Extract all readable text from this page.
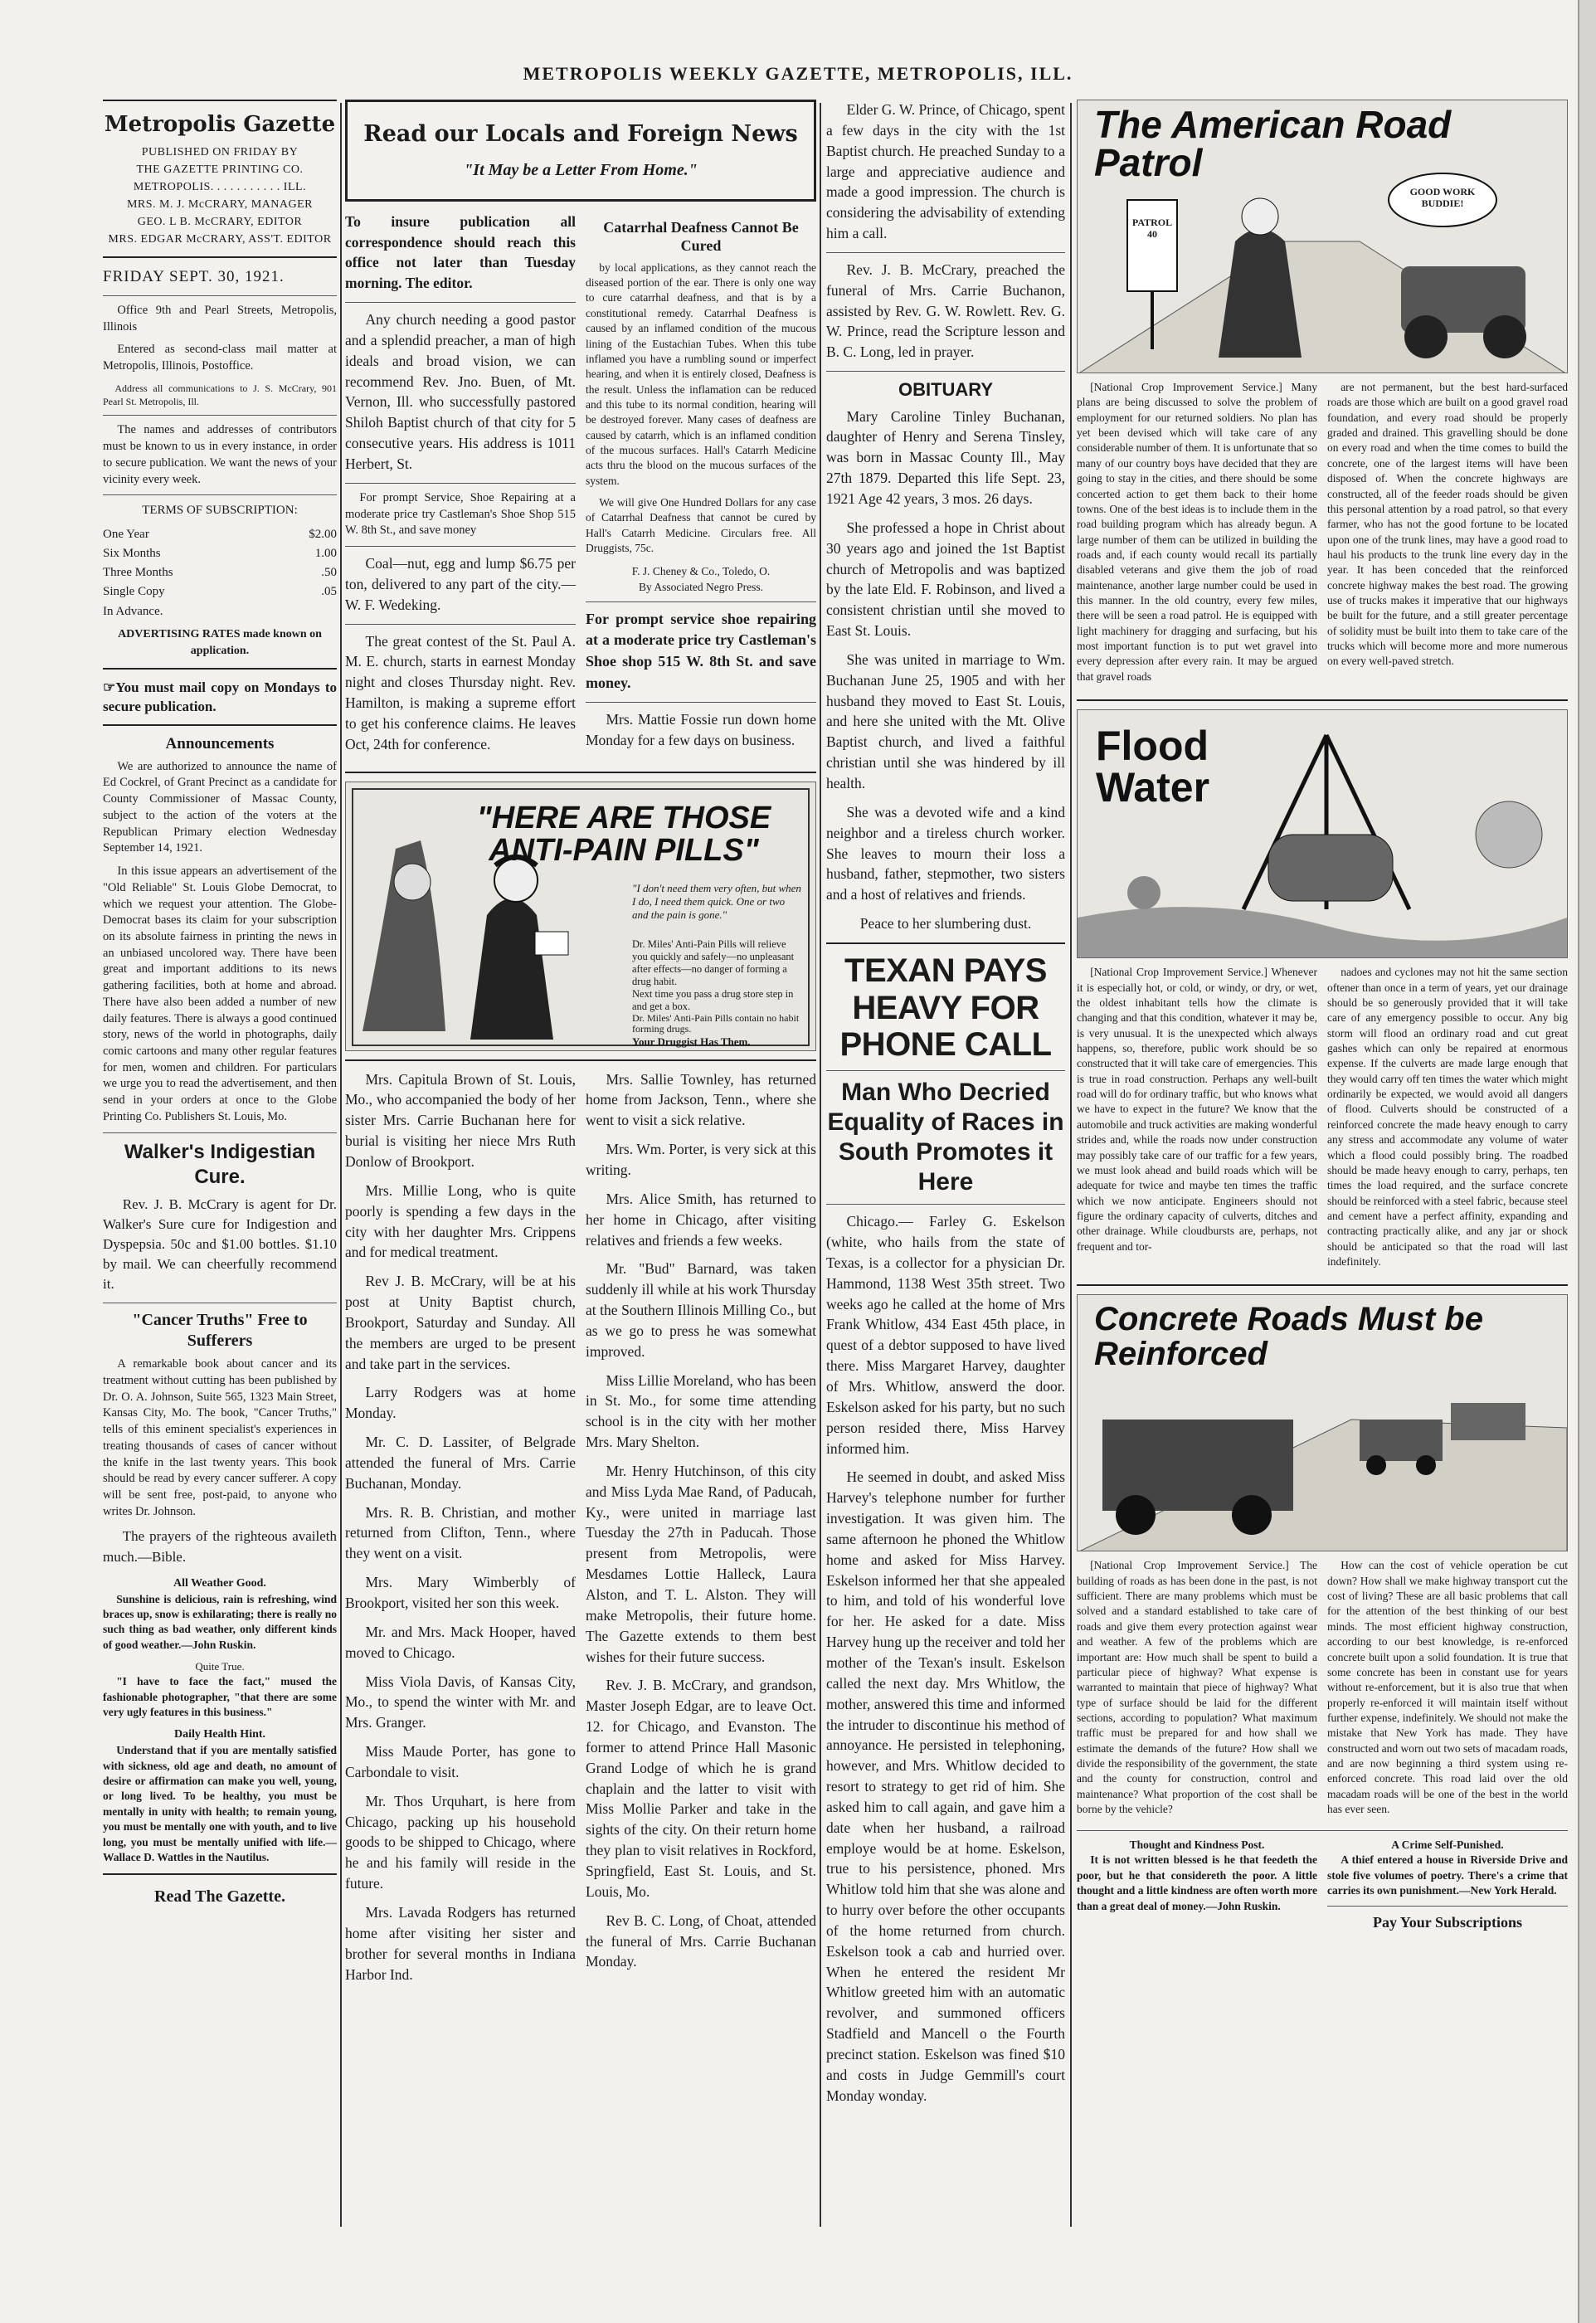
METROPOLIS WEEKLY GAZETTE, METROPOLIS, ILL.
Metropolis Gazette
PUBLISHED ON FRIDAY BY
THE GAZETTE PRINTING CO.
METROPOLIS. . . . . . . . . . . ILL.
MRS. M. J. McCRARY, MANAGER
GEO. L B. McCRARY, EDITOR
MRS. EDGAR McCRARY, ASS'T. EDITOR
FRIDAY SEPT. 30, 1921.
Office 9th and Pearl Streets, Metropolis, Illinois
Entered as second-class mail matter at Metropolis, Illinois, Postoffice.
Address all communications to J. S. McCrary, 901 Pearl St. Metropolis, Ill.
The names and addresses of contributors must be known to us in every instance, in order to secure publication. We want the news of your vicinity every week.
TERMS OF SUBSCRIPTION:
One Year	$2.00
Six Months	1.00
Three Months	.50
Single Copy	.05
In Advance.	
ADVERTISING RATES made known on application.
☞You must mail copy on Mondays to secure publication.
Announcements
We are authorized to announce the name of Ed Cockrel, of Grant Precinct as a candidate for County Commissioner of Massac County, subject to the action of the voters at the Republican Primary election Wednesday September 14, 1921.
In this issue appears an advertisement of the "Old Reliable" St. Louis Globe Democrat, to which we request your attention. The Globe-Democrat bases its claim for your subscription on its absolute fairness in printing the news in an unbiased uncolored way. There have been great and important additions to its news gathering facilities, both at home and abroad. There have also been added a number of new daily features. There is always a good continued story, news of the world in photographs, daily comic cartoons and many other regular features for men, women and children. For particulars we urge you to read the advertisement, and then send in your orders at once to the Globe Printing Co. Publishers St. Louis, Mo.
Walker's Indigestian Cure.
Rev. J. B. McCrary is agent for Dr. Walker's Sure cure for Indigestion and Dyspepsia. 50c and $1.00 bottles. $1.10 by mail. We can cheerfully recommend it.
"Cancer Truths" Free to Sufferers
A remarkable book about cancer and its treatment without cutting has been published by Dr. O. A. Johnson, Suite 565, 1323 Main Street, Kansas City, Mo. The book, "Cancer Truths," tells of this eminent specialist's experiences in treating thousands of cases of cancer without the knife in the last twenty years. This book should be read by every cancer sufferer. A copy will be sent free, post-paid, to anyone who writes Dr. Johnson.
The prayers of the righteous availeth much.—Bible.
All Weather Good.
Sunshine is delicious, rain is refreshing, wind braces up, snow is exhilarating; there is really no such thing as bad weather, only different kinds of good weather.—John Ruskin.
Quite True.
"I have to face the fact," mused the fashionable photographer, "that there are some very ugly features in this business."
Daily Health Hint.
Understand that if you are mentally satisfied with sickness, old age and death, no amount of desire or affirmation can make you well, young, or long lived. To be healthy, you must be mentally in unity with health; to remain young, you must be mentally one with youth, and to live long, you must be mentally unified with life.—Wallace D. Wattles in the Nautilus.
Read The Gazette.
Read our Locals and Foreign News
"It May be a Letter From Home."
To insure publication all correspondence should reach this office not later than Tuesday morning. The editor.
Any church needing a good pastor and a splendid preacher, a man of high ideals and broad vision, we can recommend Rev. Jno. Buen, of Mt. Vernon, Ill. who successfully pastored Shiloh Baptist church of that city for 5 consecutive years. His address is 1011 Herbert, St.
For prompt Service, Shoe Repairing at a moderate price try Castleman's Shoe Shop 515 W. 8th St., and save money
Coal—nut, egg and lump $6.75 per ton, delivered to any part of the city.—W. F. Wedeking.
The great contest of the St. Paul A. M. E. church, starts in earnest Monday night and closes Thursday night. Rev. Hamilton, is making a supreme effort to get his conference claims. He leaves Oct, 24th for conference.
Catarrhal Deafness Cannot Be Cured
by local applications, as they cannot reach the diseased portion of the ear. There is only one way to cure catarrhal deafness, and that is by a constitutional remedy. Catarrhal Deafness is caused by an inflamed condition of the mucous lining of the Eustachian Tubes. When this tube inflamed you have a rumbling sound or imperfect hearing, and when it is entirely closed, Deafness is the result. Unless the inflamation can be reduced and this tube to its normal condition, hearing will be destroyed forever. Many cases of deafness are caused by catarrh, which is an inflamed condition of the mucous surfaces. Hall's Catarrh Medicine acts thru the blood on the mucous surfaces of the system.
We will give One Hundred Dollars for any case of Catarrhal Deafness that cannot be cured by Hall's Catarrh Medicine. Circulars free. All Druggists, 75c.
F. J. Cheney & Co., Toledo, O.
By Associated Negro Press.
For prompt service shoe repairing at a moderate price try Castleman's Shoe shop 515 W. 8th St. and save money.
Mrs. Mattie Fossie run down home Monday for a few days on business.
"HERE ARE THOSE ANTI-PAIN PILLS"
"I don't need them very often, but when I do, I need them quick. One or two and the pain is gone."
Dr. Miles' Anti-Pain Pills will relieve you quickly and safely—no unpleasant after effects—no danger of forming a drug habit.
Next time you pass a drug store step in and get a box.
Dr. Miles' Anti-Pain Pills contain no habit forming drugs.
Your Druggist Has Them.
Mrs. Capitula Brown of St. Louis, Mo., who accompanied the body of her sister Mrs. Carrie Buchanan here for burial is visiting her niece Mrs Ruth Donlow of Brookport.
Mrs. Millie Long, who is quite poorly is spending a few days in the city with her daughter Mrs. Crippens and for medical treatment.
Rev J. B. McCrary, will be at his post at Unity Baptist church, Brookport, Saturday and Sunday. All the members are urged to be present and take part in the services.
Larry Rodgers was at home Monday.
Mr. C. D. Lassiter, of Belgrade attended the funeral of Mrs. Carrie Buchanan, Monday.
Mrs. R. B. Christian, and mother returned from Clifton, Tenn., where they went on a visit.
Mrs. Mary Wimberbly of Brookport, visited her son this week.
Mr. and Mrs. Mack Hooper, haved moved to Chicago.
Miss Viola Davis, of Kansas City, Mo., to spend the winter with Mr. and Mrs. Granger.
Miss Maude Porter, has gone to Carbondale to visit.
Mr. Thos Urquhart, is here from Chicago, packing up his household goods to be shipped to Chicago, where he and his family will reside in the future.
Mrs. Lavada Rodgers has returned home after visiting her sister and brother for several months in Indiana Harbor Ind.
Mrs. Sallie Townley, has returned home from Jackson, Tenn., where she went to visit a sick relative.
Mrs. Wm. Porter, is very sick at this writing.
Mrs. Alice Smith, has returned to her home in Chicago, after visiting relatives and friends a few weeks.
Mr. "Bud" Barnard, was taken suddenly ill while at his work Thursday at the Southern Illinois Milling Co., but as we go to press he was somewhat improved.
Miss Lillie Moreland, who has been in St. Mo., for some time attending school is in the city with her mother Mrs. Mary Shelton.
Mr. Henry Hutchinson, of this city and Miss Lyda Mae Rand, of Paducah, Ky., were united in marriage last Tuesday the 27th in Paducah. Those present from Metropolis, were Mesdames Lottie Halleck, Laura Alston, and T. L. Alston. They will make Metropolis, their future home. The Gazette extends to them best wishes for their future success.
Rev. J. B. McCrary, and grandson, Master Joseph Edgar, are to leave Oct. 12. for Chicago, and Evanston. The former to attend Prince Hall Masonic Grand Lodge of which he is grand chaplain and the latter to visit with Miss Mollie Parker and take in the sights of the city. On their return home they plan to visit relatives in Rockford, Springfield, East St. Louis, and St. Louis, Mo.
Rev B. C. Long, of Choat, attended the funeral of Mrs. Carrie Buchanan Monday.
Elder G. W. Prince, of Chicago, spent a few days in the city with the 1st Baptist church. He preached Sunday to a large and appreciative audience and made a good impression. The church is considering the advisability of extending him a call.
Rev. J. B. McCrary, preached the funeral of Mrs. Carrie Buchanon, assisted by Rev. G. W. Rowlett. Rev. G. W. Prince, read the Scripture lesson and B. C. Long, led in prayer.
OBITUARY
Mary Caroline Tinley Buchanan, daughter of Henry and Serena Tinsley, was born in Massac County Ill., May 27th 1879. Departed this life Sept. 23, 1921 Age 42 years, 3 mos. 26 days.
She professed a hope in Christ about 30 years ago and joined the 1st Baptist church of Metropolis and was baptized by the late Eld. F. Robinson, and lived a consistent christian until she moved to East St. Louis.
She was united in marriage to Wm. Buchanan June 25, 1905 and with her husband they moved to East St. Louis, and here she united with the Mt. Olive Baptist church, and lived a faithful christian until she was hindered by ill health.
She was a devoted wife and a kind neighbor and a tireless church worker. She leaves to mourn their loss a husband, father, stepmother, two sisters and a host of relatives and friends.
Peace to her slumbering dust.
TEXAN PAYS HEAVY FOR PHONE CALL
Man Who Decried Equality of Races in South Promotes it Here
Chicago.— Farley G. Eskelson (white, who hails from the state of Texas, is a collector for a physician Dr. Hammond, 1138 West 35th street. Two weeks ago he called at the home of Mrs Frank Whitlow, 434 East 45th place, in quest of a debtor supposed to have lived there. Miss Margaret Harvey, daughter of Mrs. Whitlow, answerd the door. Eskelson asked for his party, but no such person resided there, Miss Harvey informed him.
He seemed in doubt, and asked Miss Harvey's telephone number for further investigation. It was given him. The same afternoon he phoned the Whitlow home and asked for Miss Harvey. Eskelson informed her that she appealed to him, and told of his wonderful love for her. He asked for a date. Miss Harvey hung up the receiver and told her mother of the Texan's insult. Eskelson called the next day. Mrs Whitlow, the mother, answered this time and informed the intruder to discontinue his method of annoyance. He persisted in telephoning, however, and Mrs. Whitlow decided to resort to strategy to get rid of him. She asked him to call again, and gave him a date when her husband, a railroad employe would be at home. Eskelson, true to his persistence, phoned. Mrs Whitlow told him that she was alone and to hurry over before the other occupants of the home returned from church. Eskelson took a cab and hurried over. When he entered the resident Mr Whitlow greeted him with an automatic revolver, and summoned officers Stadfield and Mancell o the Fourth precinct station. Eskelson was fined $10 and costs in Judge Gemmill's court Monday wonday.
The American Road Patrol
PATROL 40
GOOD WORK BUDDIE!
[National Crop Improvement Service.] Many plans are being discussed to solve the problem of employment for our returned soldiers. No plan has yet been devised which will take care of any considerable number of them. It is unfortunate that so many of our country boys have decided that they are going to stay in the cities, and there should be some concerted action to get them back to their home towns. One of the best ideas is to include them in the road building program which has already begun. A large number of them can be utilized in building the roads and, if each county would recall its partially disabled veterans and give them the job of road maintenance, another large number could be used in this manner. In the old country, every few miles, there will be seen a road patrol. He is equipped with light machinery for dragging and surfacing, but his most important function is to put wet gravel into every depression after every rain. It may be argued that gravel roads
are not permanent, but the best hard-surfaced roads are those which are built on a good gravel road foundation, and every road should be properly graded and drained. This gravelling should be done on every road and when the time comes to build the concrete, one of the largest items will have been disposed of. When the concrete highways are constructed, all of the feeder roads should be given this personal attention by a road patrol, so that every farmer, who has not the good fortune to be located upon one of the trunk lines, may have a good road to haul his products to the trunk line every day in the year. It has been conceded that the reinforced concrete highway makes the best road. The growing use of trucks makes it imperative that our highways be built for the future, and a still greater percentage of solidity must be built into them to take care of the trucks which will become more and more numerous on every well-paved stretch.
Flood Water
[National Crop Improvement Service.] Whenever it is especially hot, or cold, or windy, or dry, or wet, the oldest inhabitant tells how the climate is changing and that this condition, whatever it may be, is very unusual. It is the unexpected which always happens, so, therefore, public work should be so constructed that it will take care of emergencies. This is true in road construction. Perhaps any well-built road will do for ordinary traffic, but who knows what we have to expect in the future? We know that the automobile and truck activities are making wonderful strides and, while the roads now under construction may possibly take care of our traffic for a few years, we must look ahead and build roads which will be adequate for twice and maybe ten times the traffic which we now anticipate. Engineers should not figure the ordinary capacity of culverts, ditches and other drainage. While cloudbursts are, perhaps, not frequent and tor-
nadoes and cyclones may not hit the same section oftener than once in a term of years, yet our drainage should be so generously provided that it will take care of any emergency possible to occur. Any big storm will flood an ordinary road and cut great gashes which can only be repaired at enormous expense. If the culverts are made large enough that they would carry off ten times the water which might ordinarily be expected, we would avoid all dangers of flood. Culverts should be constructed of a reinforced concrete the made heavy enough to carry any stress and accommodate any volume of water which a flood could possibly bring. The roadbed should be made heavy enough to carry, perhaps, ten times the load required, and the surface concrete should be reinforced with a steel fabric, because steel and cement have a perfect affinity, expanding and contracting practically alike, and any jar or shock should be anticipated so that the road will last indefinitely.
Concrete Roads Must be Reinforced
[National Crop Improvement Service.] The building of roads as has been done in the past, is not sufficient. There are many problems which must be solved and a standard established to take care of roads and give them every protection against wear and weather. A few of the problems which are important are: How much shall be spent to build a particular piece of highway? What expense is warranted to maintain that piece of highway? What type of surface should be laid for the different sections, according to population? What maximum traffic must be prepared for and how shall we estimate the demands of the future? How shall we divide the responsibility of the government, the state and the county for construction, control and maintenance? What proportion of the cost shall be borne by the vehicle?
How can the cost of vehicle operation be cut down? How shall we make highway transport cut the cost of living? These are all basic problems that call for the attention of the best thinking of our best minds. The most efficient highway construction, according to our best knowledge, is re-enforced concrete built upon a solid foundation. It is true that some concrete has been in constant use for years without re-enforcement, but it is also true that when properly re-enforced it will maintain itself without further expense, indefinitely. We should not make the mistake that New York has made. They have constructed and worn out two sets of macadam roads, and are now beginning a third system using re-enforced concrete. This road laid over the old macadam roads will be one of the best in the world has ever seen.
Thought and Kindness Post.
It is not written blessed is he that feedeth the poor, but he that considereth the poor. A little thought and a little kindness are often worth more than a great deal of money.—John Ruskin.
A Crime Self-Punished.
A thief entered a house in Riverside Drive and stole five volumes of poetry. There's a crime that carries its own punishment.—New York Herald.
Pay Your Subscriptions
